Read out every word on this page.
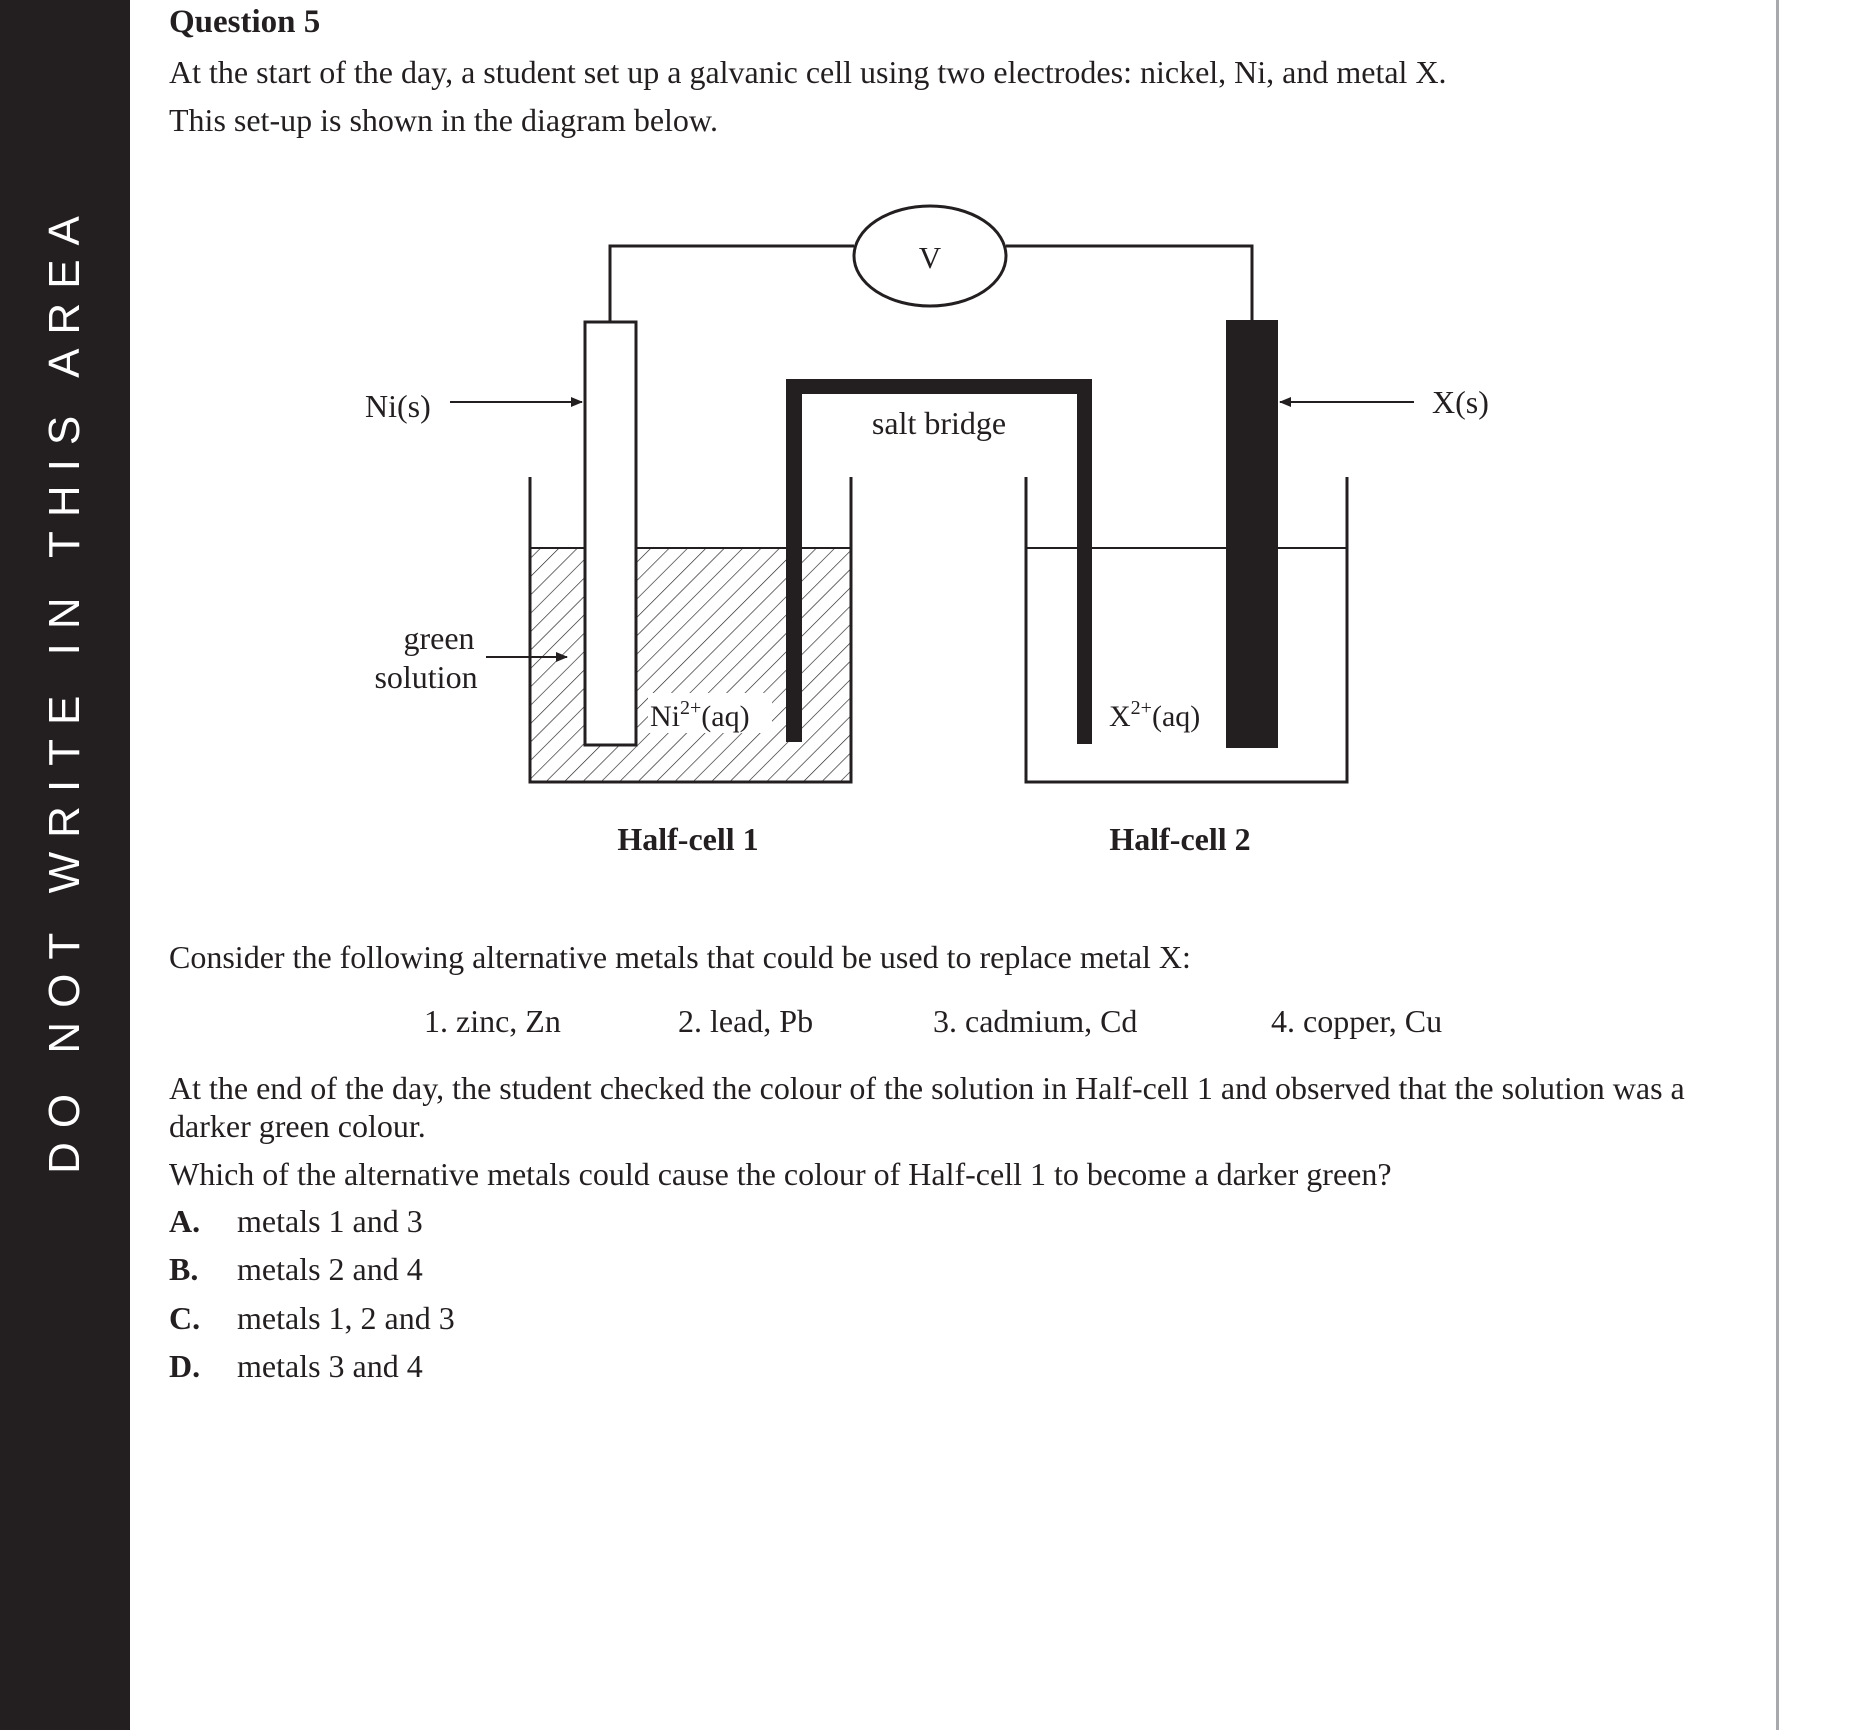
DO NOT WRITE IN THIS AREA
Question 5
At the start of the day, a student set up a galvanic cell using two electrodes: nickel, Ni, and metal X.
This set-up is shown in the diagram below.
V
Ni(s)	X(s)
green solution
salt bridge
$Ni^{2+}(aq)$	$X^{2+}(aq)$
Half-cell 1	Half-cell 2
Consider the following alternative metals that could be used to replace metal X:
1. zinc, Zn	2. lead, Pb	3. cadmium, Cd	4. copper, Cu
At the end of the day, the student checked the colour of the solution in Half-cell 1 and observed that the solution was a darker green colour.
Which of the alternative metals could cause the colour of Half-cell 1 to become a darker green?
A. metals 1 and 3
B. metals 2 and 4
C. metals 1, 2 and 3
D. metals 3 and 4
